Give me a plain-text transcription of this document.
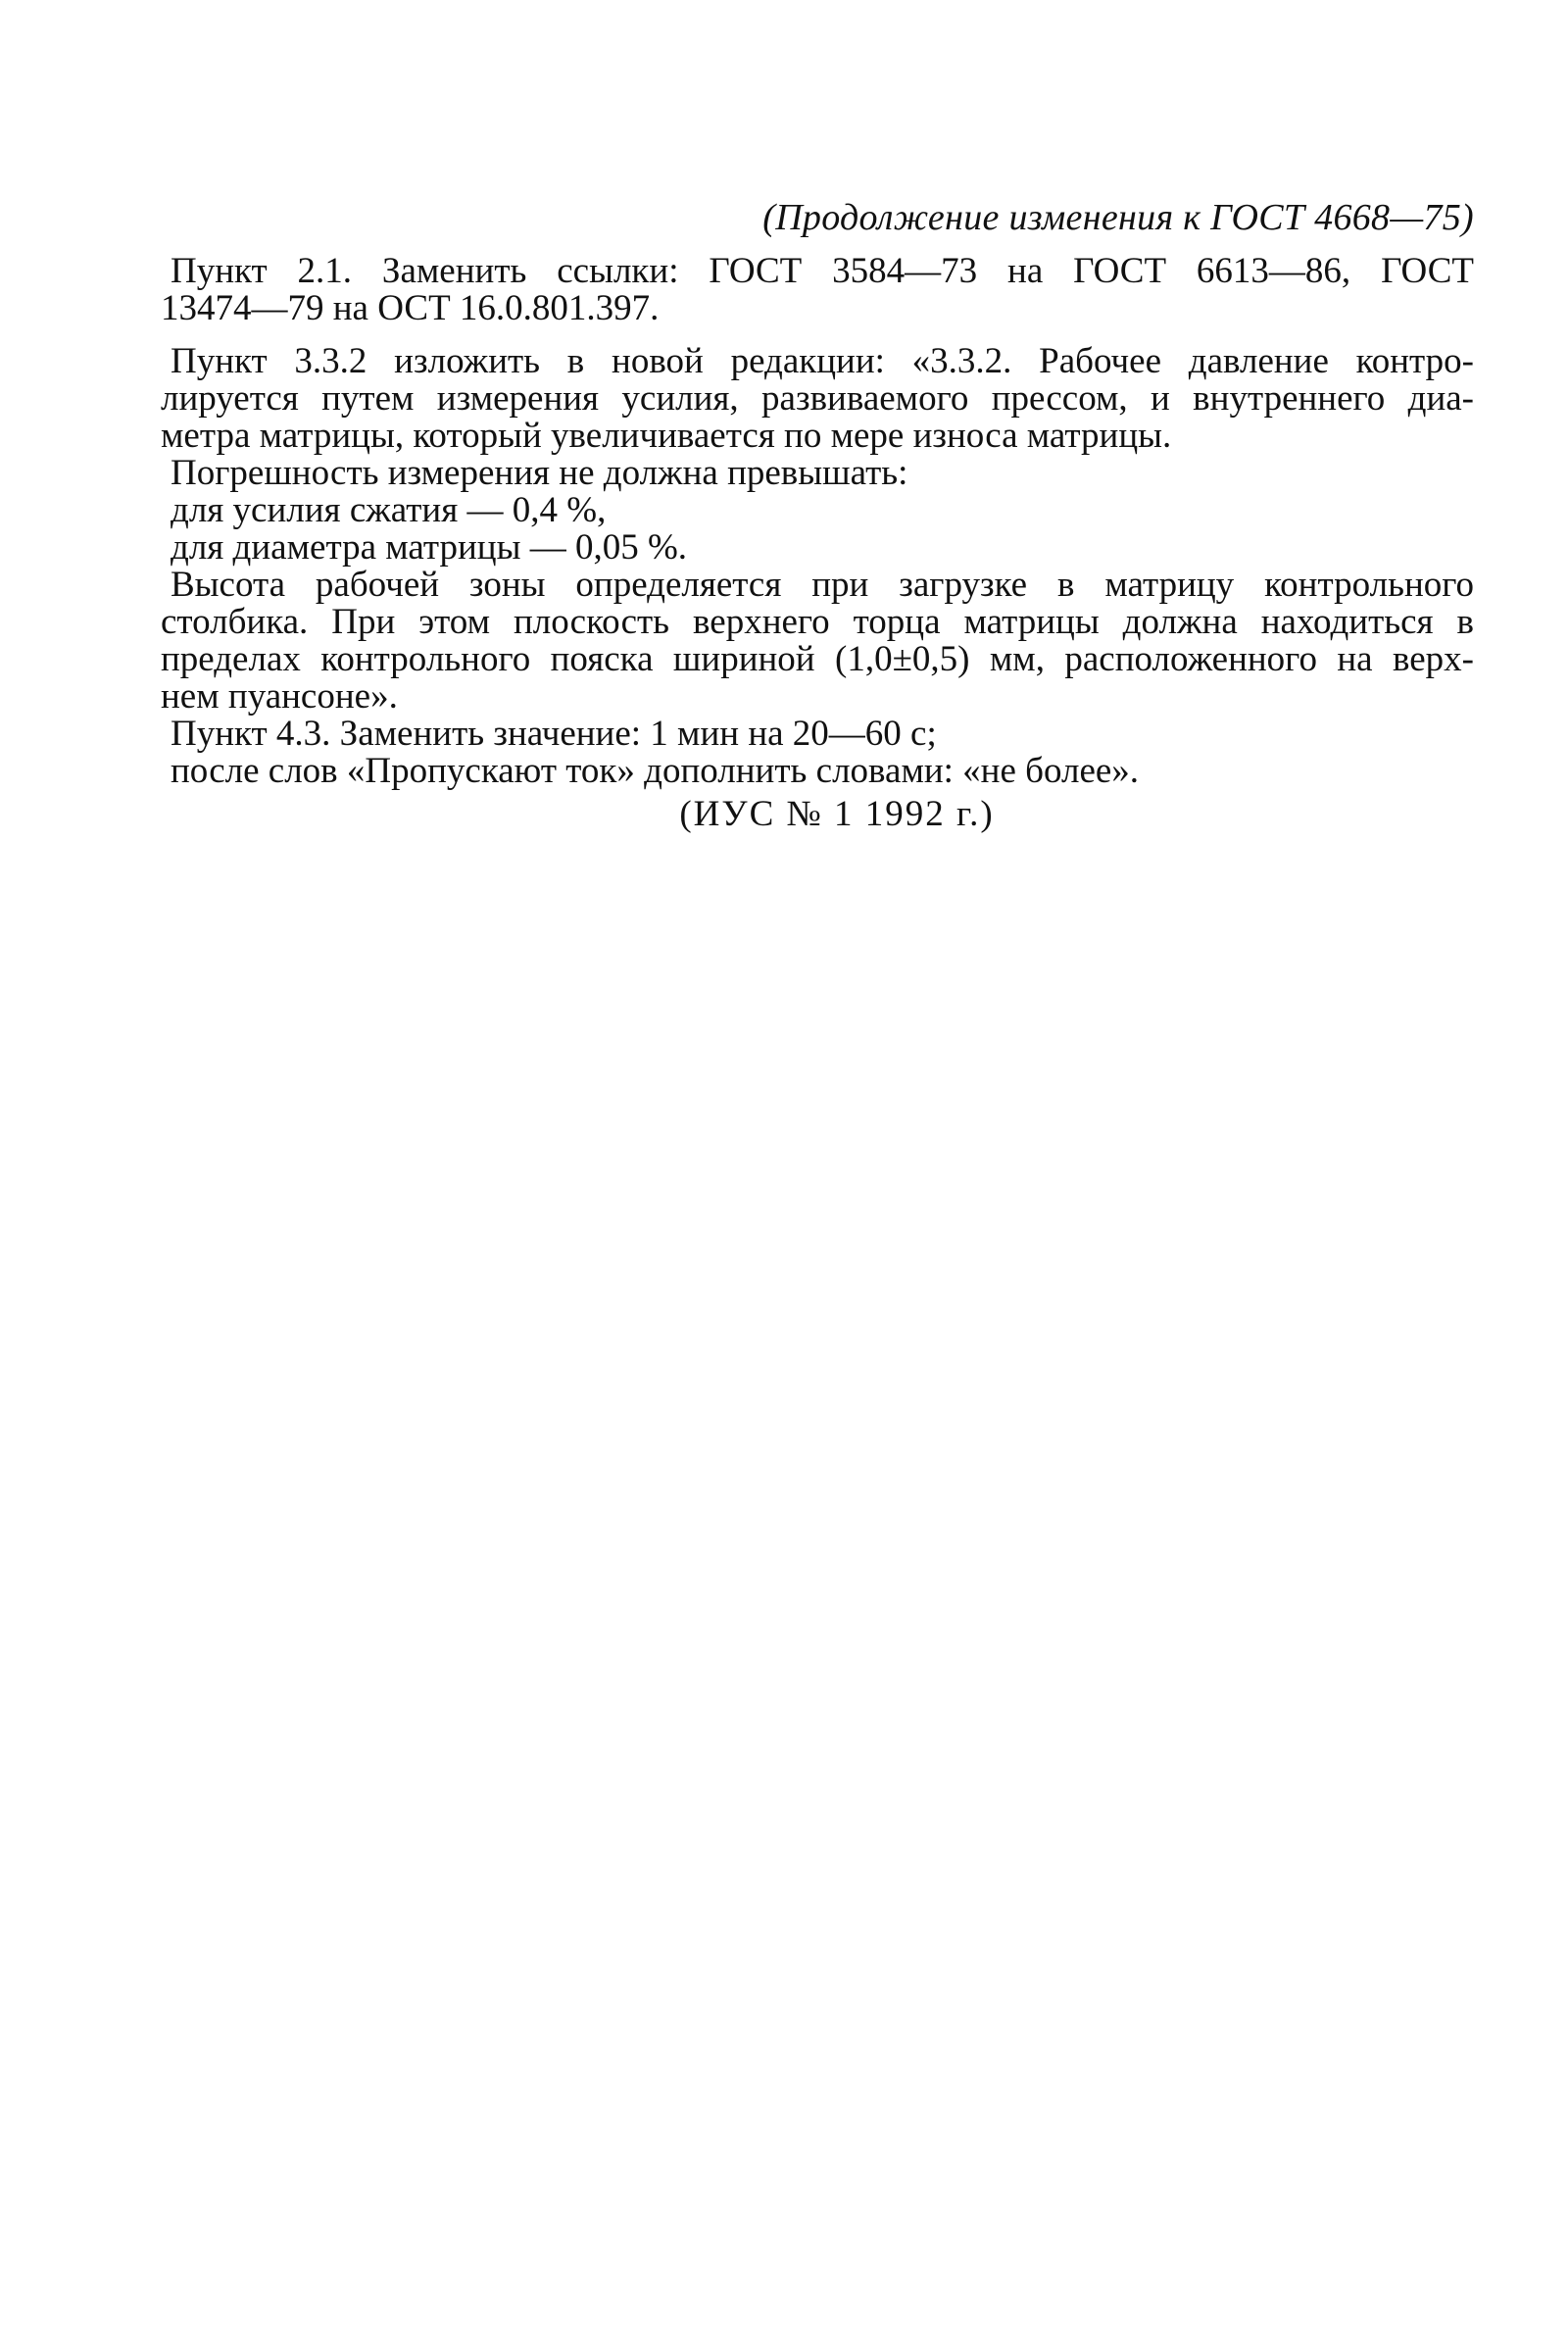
(Продолжение изменения к ГОСТ 4668—75)
Пункт 2.1. Заменить ссылки: ГОСТ 3584—73 на ГОСТ 6613—86, ГОСТ
13474—79 на ОСТ 16.0.801.397.
Пункт 3.3.2 изложить в новой редакции: «3.3.2. Рабочее давление контро-
лируется путем измерения усилия, развиваемого прессом, и внутреннего диа-
метра матрицы, который увеличивается по мере износа матрицы.
Погрешность измерения не должна превышать:
для усилия сжатия — 0,4 %,
для диаметра матрицы — 0,05 %.
Высота рабочей зоны определяется при загрузке в матрицу контрольного
столбика. При этом плоскость верхнего торца матрицы должна находиться в
пределах контрольного пояска шириной (1,0±0,5) мм, расположенного на верх-
нем пуансоне».
Пункт 4.3. Заменить значение: 1 мин на 20—60 с;
после слов «Пропускают ток» дополнить словами: «не более».
(ИУС № 1 1992 г.)
